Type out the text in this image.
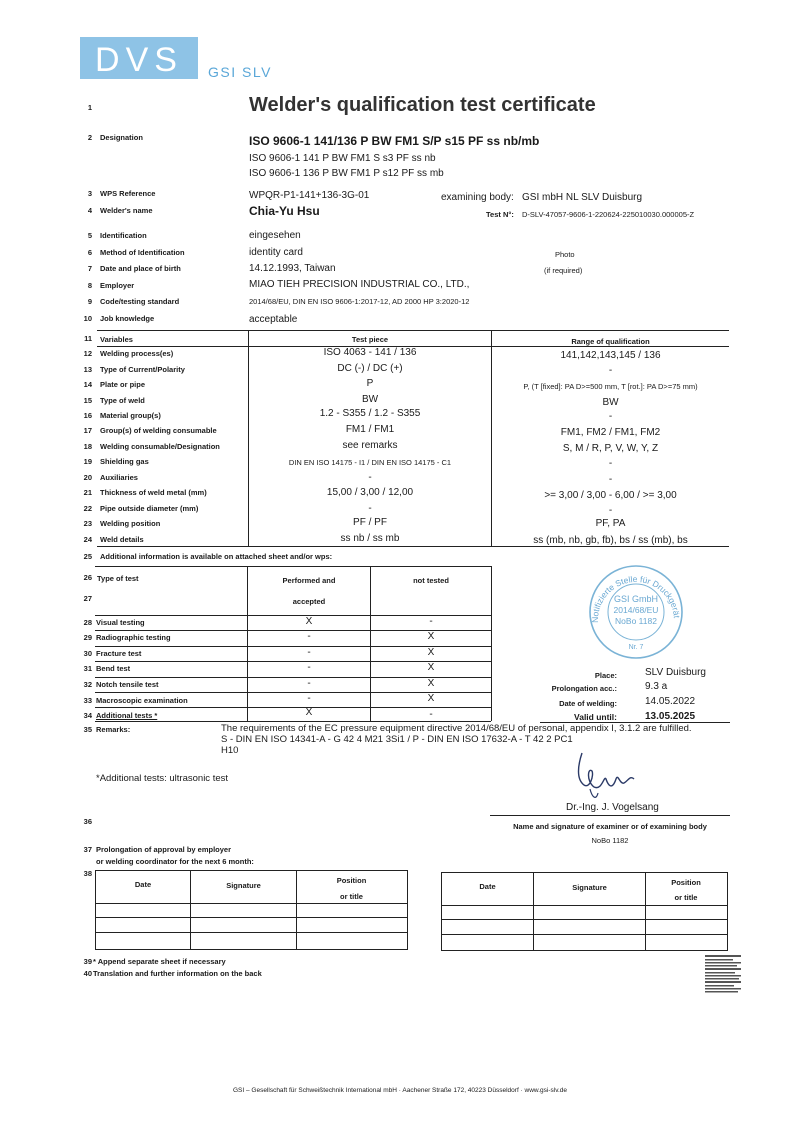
DVS GSI SLV
1
2
3
4
5
6
7
8
9
10
11
12
13
14
15
16
17
18
19
20
21
22
23
24
25
26
27
28
29
30
31
32
33
34
35
36
37
38
39
40
Welder's qualification test certificate
Designation	ISO 9606-1 141/136 P BW FM1 S/P s15 PF ss nb/mb
ISO 9606-1 141 P BW FM1 S s3 PF ss nb
ISO 9606-1 136 P BW FM1 P s12 PF ss mb
WPS Reference	WPQR-P1-141+136-3G-01	examining body: GSI mbH NL SLV Duisburg
Welder's name	Chia-Yu Hsu	Test N°: D-SLV-47057-9606-1-220624-225010030.000005-Z
Identification	eingesehen
Method of Identification	identity card	Photo
Date and place of birth	14.12.1993, Taiwan	(if required)
Employer	MIAO TIEH PRECISION INDUSTRIAL CO., LTD.,
Code/testing standard	2014/68/EU, DIN EN ISO 9606-1:2017-12, AD 2000 HP 3:2020-12
Job knowledge	acceptable
Variables	Test piece	Range of qualification
Welding process(es)	ISO 4063 - 141 / 136	141,142,143,145 / 136
Type of Current/Polarity	DC (-) / DC (+)	-
Plate or pipe	P	P, (T [fixed]: PA D>=500 mm, T [rot.]: PA D>=75 mm)
Type of weld	BW	BW
Material group(s)	1.2 - S355 / 1.2 - S355	-
Group(s) of welding consumable	FM1 / FM1	FM1, FM2 / FM1, FM2
Welding consumable/Designation	see remarks	S, M / R, P, V, W, Y, Z
Shielding gas	DIN EN ISO 14175 - I1 / DIN EN ISO 14175 - C1	-
Auxiliaries	-	-
Thickness of weld metal (mm)	15,00 / 3,00 / 12,00	>= 3,00 / 3,00 - 6,00 / >= 3,00
Pipe outside diameter (mm)	-	-
Welding position	PF / PF	PF, PA
Weld details	ss nb / ss mb	ss (mb, nb, gb, fb), bs / ss (mb), bs
Additional information is available on attached sheet and/or wps:
Type of test	Performed and
accepted
not tested
Visual testing	X	-
Radiographic testing	-	X
Fracture test	-	X
Bend test	-	X
Notch tensile test	-	X
Macroscopic examination	-	X
Additional tests *	X	-
Notifizierte Stelle für Druckgerät
GSI GmbH
2014/68/EU
NoBo 1182
Nr. 7
Place:	SLV Duisburg
Prolongation acc.:	9.3 a
Date of welding:	14.05.2022
Valid until:	13.05.2025
Remarks:	The requirements of the EC pressure equipment directive 2014/68/EU of personal, appendix I, 3.1.2 are fulfilled.
S - DIN EN ISO 14341-A - G 42 4 M21 3Si1 / P - DIN EN ISO 17632-A - T 42 2 PC1
H10
*Additional tests: ultrasonic test
Dr.-Ing. J. Vogelsang
Name and signature of examiner or of examining body
NoBo 1182
Prolongation of approval by employer
or welding coordinator for the next 6 month:
Date	Signature
Position
or title
Date	Signature
Position
or title
* Append separate sheet if necessary
Translation and further information on the back
GSI – Gesellschaft für Schweißtechnik International mbH · Aachener Straße 172, 40223 Düsseldorf · www.gsi-slv.de
